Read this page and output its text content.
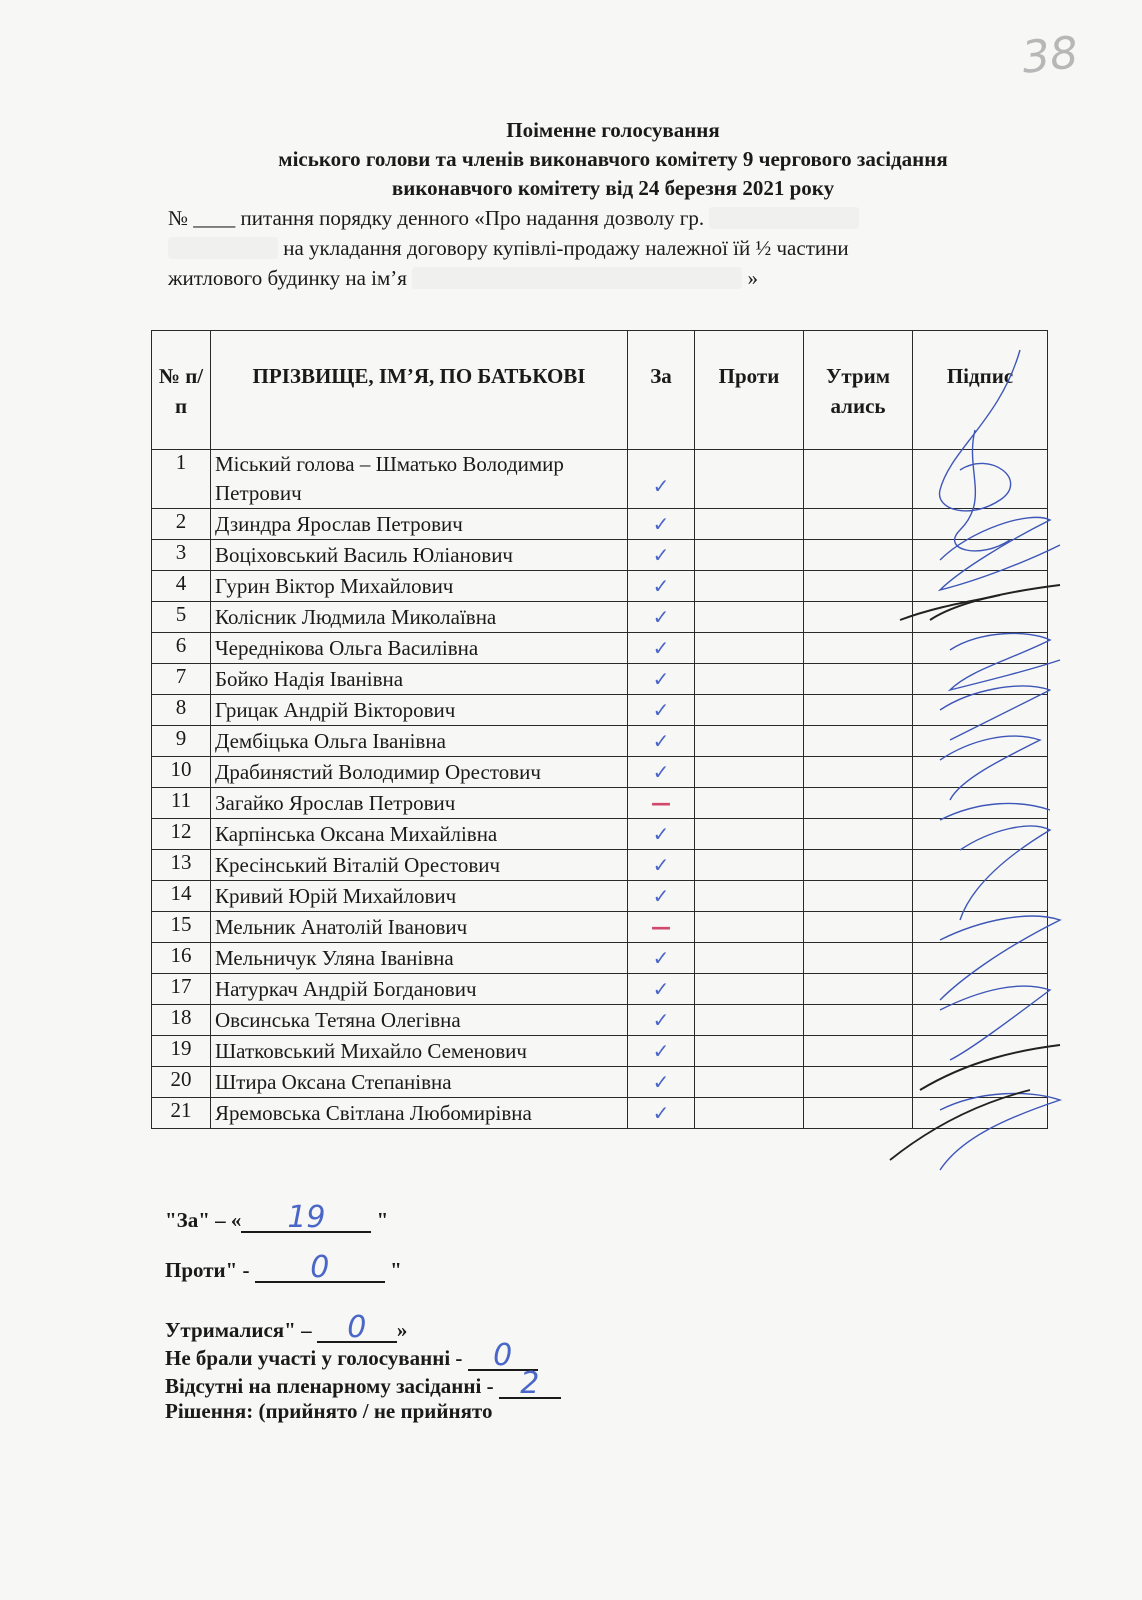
38
Поіменне голосування
міського голови та членів виконавчого комітету 9 чергового засідання
виконавчого комітету від 24 березня 2021 року
№ ____ питання порядку денного «Про надання дозволу гр.
на укладання договору купівлі-продажу належної їй ½ частини
житлового будинку на ім’я	»
№ п/п	ПРІЗВИЩЕ, ІМ’Я, ПО БАТЬКОВІ	За	Проти	Утрим ались	Підпис
1	Міський голова – Шматько Володимир Петрович	✓			
2	Дзиндра Ярослав Петрович	✓			
3	Воціховський Василь Юліанович	✓			
4	Гурин Віктор Михайлович	✓			
5	Колісник Людмила Миколаївна	✓			
6	Череднікова Ольга Василівна	✓			
7	Бойко Надія Іванівна	✓			
8	Грицак Андрій Вікторович	✓			
9	Дембіцька Ольга Іванівна	✓			
10	Драбинястий Володимир Орестович	✓			
11	Загайко Ярослав Петрович	—			
12	Карпінська Оксана Михайлівна	✓			
13	Кресінський Віталій Орестович	✓			
14	Кривий Юрій Михайлович	✓			
15	Мельник Анатолій Іванович	—			
16	Мельничук Уляна Іванівна	✓			
17	Натуркач Андрій Богданович	✓			
18	Овсинська Тетяна Олегівна	✓			
19	Шатковський Михайло Семенович	✓			
20	Штира Оксана Степанівна	✓			
21	Яремовська Світлана Любомирівна	✓			
"За" – « 19 "
Проти" - 0	"
Утрималися" – 0 »
Не брали участі у голосуванні - 0
Відсутні на пленарному засіданні - 2
Рішення: (прийнято / не прийнято
